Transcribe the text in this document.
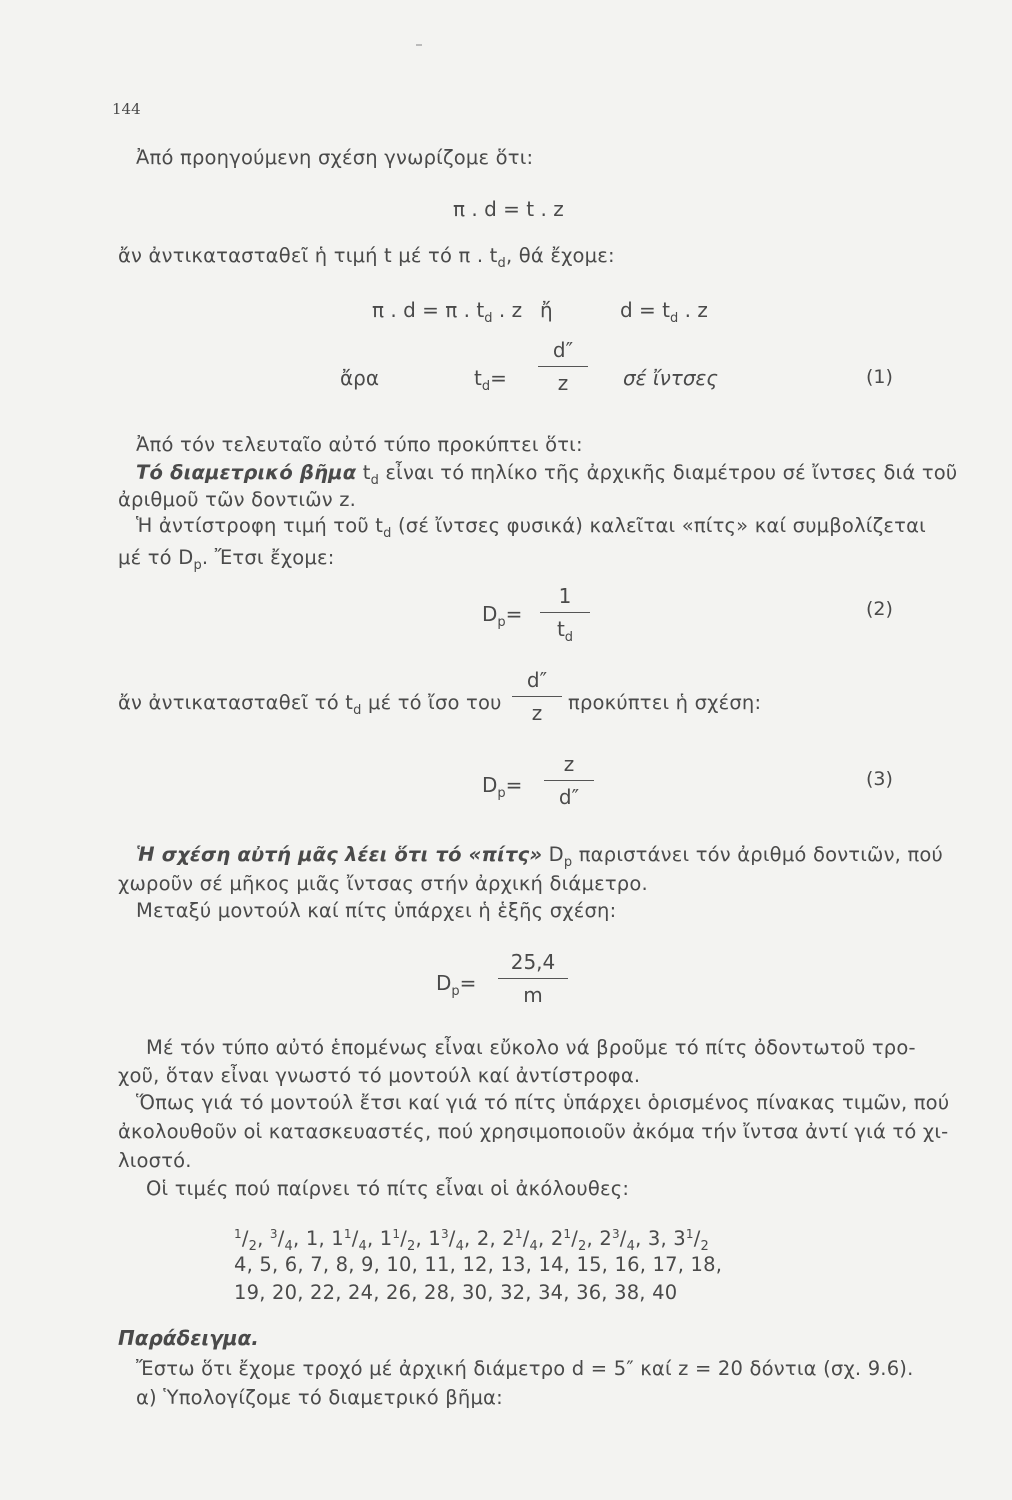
144
Ἀπό προηγούμενη σχέση γνωρίζομε ὅτι:
π . d = t . z
ἄν ἀντικατασταθεῖ ἡ τιμή t μέ τό π . $t_d$, θά ἔχομε:
π . d = π . $t_d$ . z ἤ	$d = t_d$ . z
ἄρα	$t_d=$
d″
z	σέ ἴντσες	(1)
Ἀπό τόν τελευταῖο αὐτό τύπο προκύπτει ὅτι:
Τό διαμετρικό βῆμα $t_d$ εἶναι τό πηλίκο τῆς ἀρχικῆς διαμέτρου σέ ἴντσες διά τοῦ
ἀριθμοῦ τῶν δοντιῶν z.
Ἡ ἀντίστροφη τιμή τοῦ $t_d$ (σέ ἴντσες φυσικά) καλεῖται «πίτς» καί συμβολίζεται
μέ τό $D_p$. Ἔτσι ἔχομε:
$D_p=$
1
$t_d$
(2)
ἄν ἀντικατασταθεῖ τό $t_d$ μέ τό ἴσο του
d″
z	προκύπτει ἡ σχέση:
$D_p=$
z
d″
(3)
Ἡ σχέση αὐτή μᾶς λέει ὅτι τό «πίτς» $D_p$ παριστάνει τόν ἀριθμό δοντιῶν, πού
χωροῦν σέ μῆκος μιᾶς ἴντσας στήν ἀρχική διάμετρο.
Μεταξύ μοντούλ καί πίτς ὑπάρχει ἡ ἑξῆς σχέση:
$D_p=$
25,4
m
Μέ τόν τύπο αὐτό ἑπομένως εἶναι εὔκολο νά βροῦμε τό πίτς ὀδοντωτοῦ τρο-
χοῦ, ὅταν εἶναι γνωστό τό μοντούλ καί ἀντίστροφα.
Ὅπως γιά τό μοντούλ ἔτσι καί γιά τό πίτς ὑπάρχει ὁρισμένος πίνακας τιμῶν, πού
ἀκολουθοῦν οἱ κατασκευαστές, πού χρησιμοποιοῦν ἀκόμα τήν ἴντσα ἀντί γιά τό χι-
λιοστό.
Οἱ τιμές πού παίρνει τό πίτς εἶναι οἱ ἀκόλουθες:
$^1/_2$, $^3/_4$, 1, $1^1/_4$, $1^1/_2$, $1^3/_4$, 2, $2^1/_4$, $2^1/_2$, $2^3/_4$, 3, $3^1/_2$
4, 5, 6, 7, 8, 9, 10, 11, 12, 13, 14, 15, 16, 17, 18,
19, 20, 22, 24, 26, 28, 30, 32, 34, 36, 38, 40
Παράδειγμα.
Ἔστω ὅτι ἔχομε τροχό μέ ἀρχική διάμετρο d = 5″ καί z = 20 δόντια (σχ. 9.6).
α) Ὑπολογίζομε τό διαμετρικό βῆμα:
